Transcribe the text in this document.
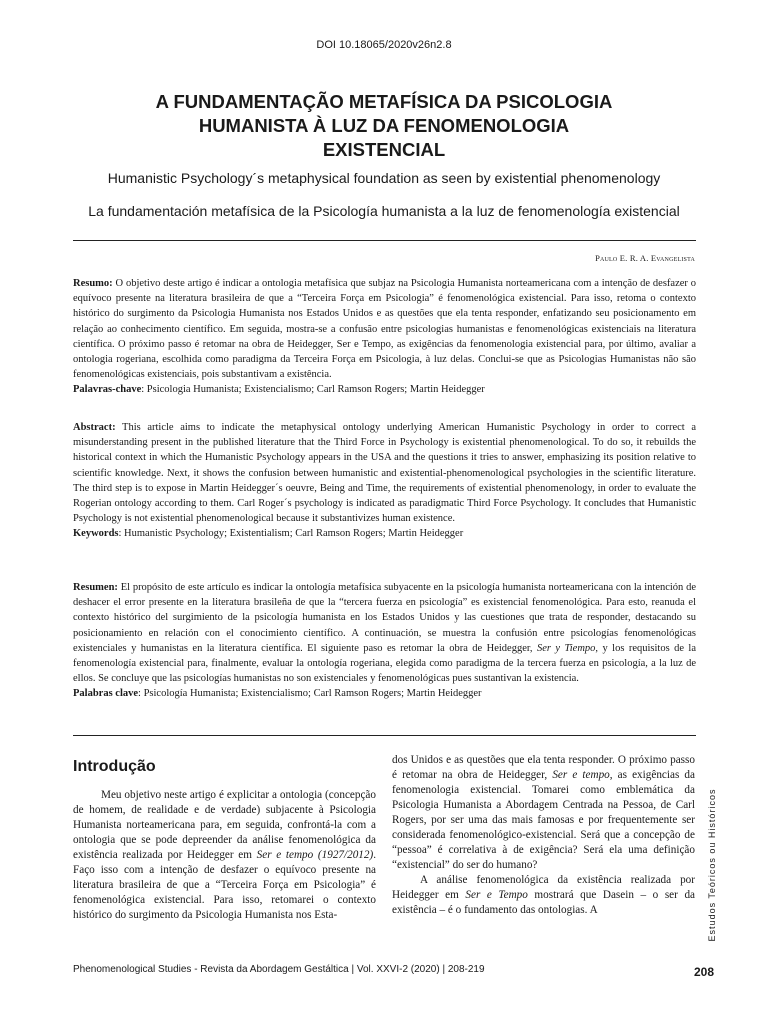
DOI 10.18065/2020v26n2.8
A FUNDAMENTAÇÃO METAFÍSICA DA PSICOLOGIA
HUMANISTA À LUZ DA FENOMENOLOGIA
EXISTENCIAL
Humanistic Psychology´s metaphysical foundation as seen by existential phenomenology
La fundamentación metafísica de la Psicología humanista a la luz de fenomenología existencial
Paulo E. R. A. Evangelista

Resumo: O objetivo deste artigo é indicar a ontologia metafísica que subjaz na Psicologia Humanista norteamericana com a intenção de desfazer o equívoco presente na literatura brasileira de que a “Terceira Força em Psicologia” é fenomenológica existencial. Para isso, retoma o contexto histórico do surgimento da Psicologia Humanista nos Estados Unidos e as questões que ela tenta responder, enfatizando seu posicionamento em relação ao conhecimento científico. Em seguida, mostra-se a confusão entre psicologias humanistas e fenomenológicas existenciais na literatura científica. O próximo passo é retomar na obra de Heidegger, Ser e Tempo, as exigências da fenomenologia existencial para, por último, avaliar a ontologia rogeriana, escolhida como paradigma da Terceira Força em Psicologia, à luz delas. Conclui-se que as Psicologias Humanistas não são fenomenológicas existenciais, pois substantivam a existência.

Palavras-chave: Psicologia Humanista; Existencialismo; Carl Ramson Rogers; Martin Heidegger

Abstract: This article aims to indicate the metaphysical ontology underlying American Humanistic Psychology in order to correct a misunderstanding present in the published literature that the Third Force in Psychology is existential phenomenological. To do so, it rebuilds the historical context in which the Humanistic Psychology appears in the USA and the questions it tries to answer, emphasizing its position relative to scientific knowledge. Next, it shows the confusion between humanistic and existential-phenomenological psychologies in the scientific literature. The third step is to expose in Martin Heidegger´s oeuvre, Being and Time, the requirements of existential phenomenology, in order to evaluate the Rogerian ontology according to them. Carl Roger´s psychology is indicated as paradigmatic Third Force Psychology. It concludes that Humanistic Psychology is not existential phenomenological because it substantivizes human existence.

Keywords: Humanistic Psychology; Existentialism; Carl Ramson Rogers; Martin Heidegger

Resumen: El propósito de este artículo es indicar la ontología metafísica subyacente en la psicología humanista norteamericana con la intención de deshacer el error presente en la literatura brasileña de que la “tercera fuerza en psicología” es existencial fenomenológica. Para esto, reanuda el contexto histórico del surgimiento de la psicología humanista en los Estados Unidos y las cuestiones que trata de responder, destacando su posicionamiento en relación con el conocimiento científico. A continuación, se muestra la confusión entre psicologías fenomenológicas existenciales y humanistas en la literatura científica. El siguiente paso es retomar la obra de Heidegger, Ser y Tiempo, y los requisitos de la fenomenología existencial para, finalmente, evaluar la ontología rogeriana, elegida como paradigma de la tercera fuerza en psicología, a la luz de ellos. Se concluye que las psicologías humanistas no son existenciales y fenomenológicas pues sustantivan la existencia.

Palabras clave: Psicología Humanista; Existencialismo; Carl Ramson Rogers; Martin Heidegger

Introdução

Meu objetivo neste artigo é explicitar a ontologia (concepção de homem, de realidade e de verdade) subjacente à Psicologia Humanista norteamericana para, em seguida, confrontá-la com a ontologia que se pode depreender da análise fenomenológica da existência realizada por Heidegger em Ser e tempo (1927/2012). Faço isso com a intenção de desfazer o equívoco presente na literatura brasileira de que a “Terceira Força em Psicologia” é fenomenológica existencial. Para isso, retomarei o contexto histórico do surgimento da Psicologia Humanista nos Esta-

dos Unidos e as questões que ela tenta responder. O próximo passo é retomar na obra de Heidegger, Ser e tempo, as exigências da fenomenologia existencial. Tomarei como emblemática da Psicologia Humanista a Abordagem Centrada na Pessoa, de Carl Rogers, por ser uma das mais famosas e por frequentemente ser considerada fenomenológico-existencial. Será que a concepção de “pessoa” é correlativa à de exigência? Será ela uma definição “existencial” do ser do humano?

A análise fenomenológica da existência realizada por Heidegger em Ser e Tempo mostrará que Dasein – o ser da existência – é o fundamento das ontologias. A	Estudos Teóricos ou Históricos
Phenomenological Studies - Revista da Abordagem Gestáltica | Vol. XXVI-2 (2020) | 208-219	208
